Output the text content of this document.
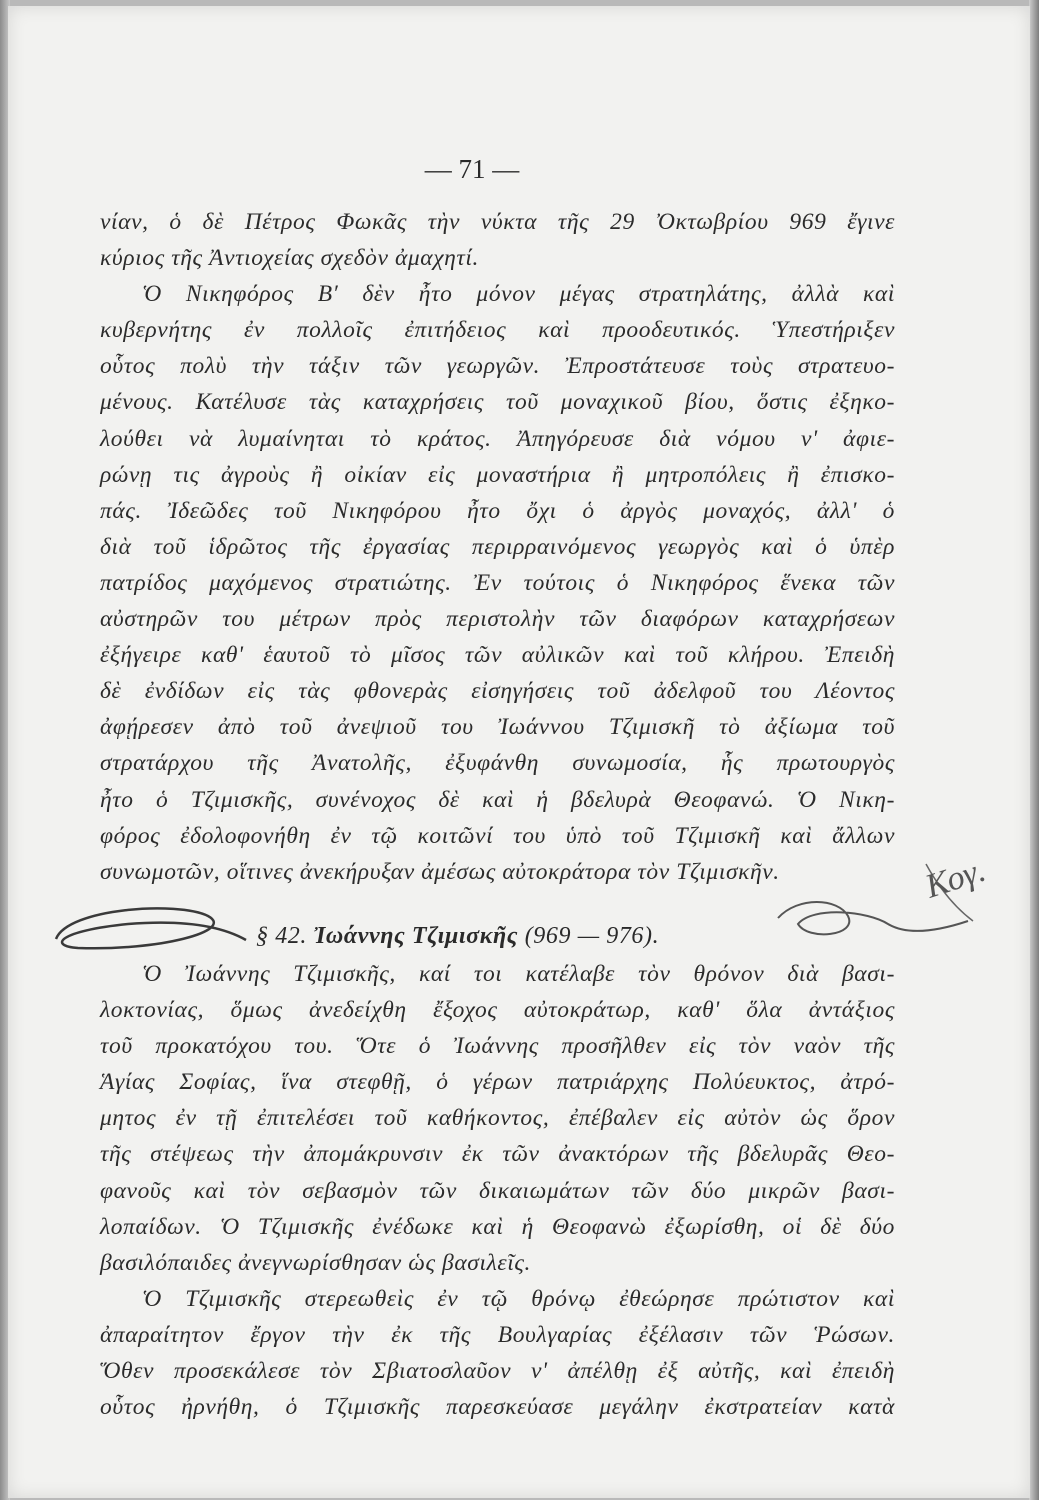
— 71 —
νίαν, ὁ δὲ Πέτρος Φωκᾶς τὴν νύκτα τῆς 29 Ὀκτωβρίου 969 ἔγινε
κύριος τῆς Ἀντιοχείας σχεδὸν ἀμαχητί.
Ὁ Νικηφόρος Β′ δὲν ἦτο μόνον μέγας στρατηλάτης, ἀλλὰ καὶ
κυβερνήτης ἐν πολλοῖς ἐπιτήδειος καὶ προοδευτικός. Ὑπεστήριξεν
οὗτος πολὺ τὴν τάξιν τῶν γεωργῶν. Ἐπροστάτευσε τοὺς στρατευο-
μένους. Κατέλυσε τὰς καταχρήσεις τοῦ μοναχικοῦ βίου, ὅστις ἐξηκο-
λούθει νὰ λυμαίνηται τὸ κράτος. Ἀπηγόρευσε διὰ νόμου ν' ἀφιε-
ρώνῃ τις ἀγροὺς ἢ οἰκίαν εἰς μοναστήρια ἢ μητροπόλεις ἢ ἐπισκο-
πάς. Ἰδεῶδες τοῦ Νικηφόρου ἦτο ὄχι ὁ ἀργὸς μοναχός, ἀλλ' ὁ
διὰ τοῦ ἱδρῶτος τῆς ἐργασίας περιρραινόμενος γεωργὸς καὶ ὁ ὑπὲρ
πατρίδος μαχόμενος στρατιώτης. Ἐν τούτοις ὁ Νικηφόρος ἕνεκα τῶν
αὐστηρῶν του μέτρων πρὸς περιστολὴν τῶν διαφόρων καταχρήσεων
ἐξήγειρε καθ' ἑαυτοῦ τὸ μῖσος τῶν αὐλικῶν καὶ τοῦ κλήρου. Ἐπειδὴ
δὲ ἐνδίδων εἰς τὰς φθονερὰς εἰσηγήσεις τοῦ ἀδελφοῦ του Λέοντος
ἀφῄρεσεν ἀπὸ τοῦ ἀνεψιοῦ του Ἰωάννου Τζιμισκῆ τὸ ἀξίωμα τοῦ
στρατάρχου τῆς Ἀνατολῆς, ἐξυφάνθη συνωμοσία, ἧς πρωτουργὸς
ἦτο ὁ Τζιμισκῆς, συνένοχος δὲ καὶ ἡ βδελυρὰ Θεοφανώ. Ὁ Νικη-
φόρος ἐδολοφονήθη ἐν τῷ κοιτῶνί του ὑπὸ τοῦ Τζιμισκῆ καὶ ἄλλων
συνωμοτῶν, οἵτινες ἀνεκήρυξαν ἀμέσως αὐτοκράτορα τὸν Τζιμισκῆν.
§ 42. Ἰωάννης Τζιμισκῆς (969 — 976).
Ὁ Ἰωάννης Τζιμισκῆς, καί τοι κατέλαβε τὸν θρόνον διὰ βασι-
λοκτονίας, ὅμως ἀνεδείχθη ἔξοχος αὐτοκράτωρ, καθ' ὅλα ἀντάξιος
τοῦ προκατόχου του. Ὅτε ὁ Ἰωάννης προσῆλθεν εἰς τὸν ναὸν τῆς
Ἁγίας Σοφίας, ἵνα στεφθῇ, ὁ γέρων πατριάρχης Πολύευκτος, ἀτρό-
μητος ἐν τῇ ἐπιτελέσει τοῦ καθήκοντος, ἐπέβαλεν εἰς αὐτὸν ὡς ὅρον
τῆς στέψεως τὴν ἀπομάκρυνσιν ἐκ τῶν ἀνακτόρων τῆς βδελυρᾶς Θεο-
φανοῦς καὶ τὸν σεβασμὸν τῶν δικαιωμάτων τῶν δύο μικρῶν βασι-
λοπαίδων. Ὁ Τζιμισκῆς ἐνέδωκε καὶ ἡ Θεοφανὼ ἐξωρίσθη, οἱ δὲ δύο
βασιλόπαιδες ἀνεγνωρίσθησαν ὡς βασιλεῖς.
Ὁ Τζιμισκῆς στερεωθεὶς ἐν τῷ θρόνῳ ἐθεώρησε πρώτιστον καὶ
ἀπαραίτητον ἔργον τὴν ἐκ τῆς Βουλγαρίας ἐξέλασιν τῶν Ῥώσων.
Ὅθεν προσεκάλεσε τὸν Σβιατοσλαῦον ν' ἀπέλθῃ ἐξ αὐτῆς, καὶ ἐπειδὴ
οὗτος ἠρνήθη, ὁ Τζιμισκῆς παρεσκεύασε μεγάλην ἐκστρατείαν κατὰ
Κογ.
